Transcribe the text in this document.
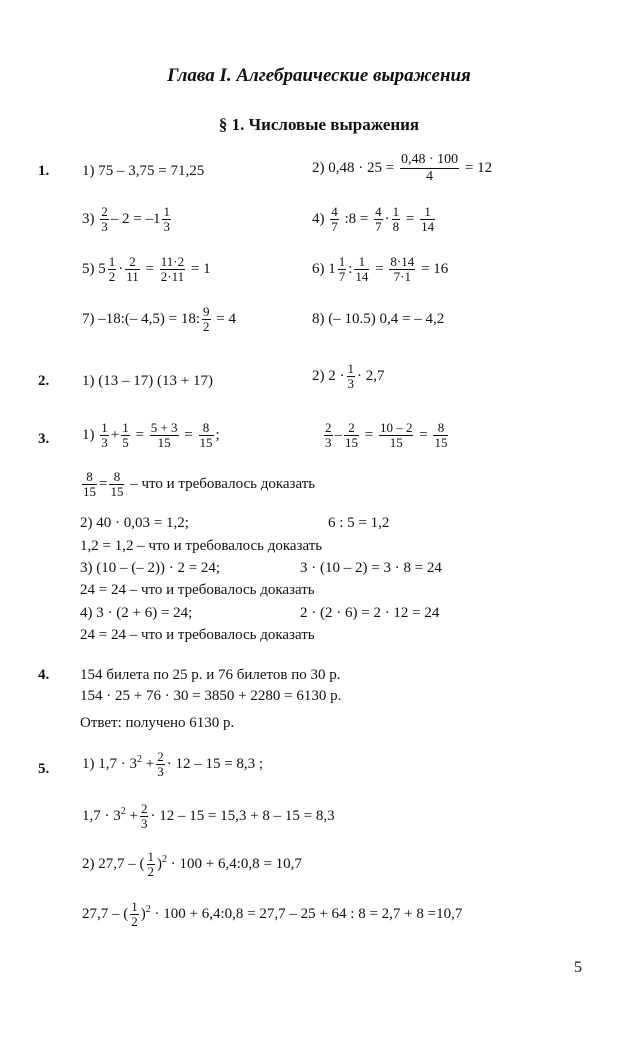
Глава I. Алгебраические выражения
§ 1. Числовые выражения
1. 1) 75 – 3,75 = 71,25	2) $0,48 \cdot 25 = \frac{0,48 \cdot 100}{4} = 12$
$3) \frac{2}{3} - 2 = -1 \frac{1}{3}$	$4) \frac{4}{7}$ :8 = $\frac{4}{7} \cdot \frac{1}{8} = \frac{1}{14}$
5) $5 \frac{1}{2} \cdot \frac{2}{11} = \frac{11\cdot 2}{2\cdot 11} = 1$	6) $1 \frac{1}{7}$ : $\frac{1}{14} = \frac{8\cdot 14}{7\cdot 1} = 16$
7) –18:(– 4,5) = 18: $\frac{9}{2} = 4$	8) (– 10.5) 0,4 = – 4,2
2. 1) (13 – 17) (13 + 17)	2) $2 \cdot \frac{1}{3} \cdot 2,7$
3. $1) \frac{1}{3} + \frac{1}{5} = \frac{5 + 3}{15} = \frac{8}{15}$ ;	$\frac{2}{3} - \frac{2}{15} = \frac{10 - 2}{15} = \frac{8}{15}$
$\frac{8}{15} = \frac{8}{15}$ – что и требовалось доказать
2) 40 · 0,03 = 1,2;	6 : 5 = 1,2
1,2 = 1,2 – что и требовалось доказать
3) (10 – (– 2)) · 2 = 24;	3 · (10 – 2) = 3 · 8 = 24
24 = 24 – что и требовалось доказать
4) 3 · (2 + 6) = 24;	2 · (2 · 6) = 2 · 12 = 24
24 = 24 – что и требовалось доказать
4. 154 билета по 25 р. и 76 билетов по 30 р.
154 · 25 + 76 · 30 = 3850 + 2280 = 6130 р.
Ответ: получено 6130 р.
5. 1) $1,7 \cdot 3^2 + \frac{2}{3} \cdot 12 - 15 = 8,3$ ;
$1,7 \cdot 3^2 + \frac{2}{3} \cdot 12 - 15 = 15,3 + 8 - 15 = 8,3$
2) 27,7 – ( $\frac{1}{2} )^2 \cdot 100$ + 6,4:0,8 = 10,7
27,7 – ( $\frac{1}{2} )^2 \cdot 100$ + 6,4:0,8 = 27,7 – 25 + 64 : 8 = 2,7 + 8 =10,7
5
